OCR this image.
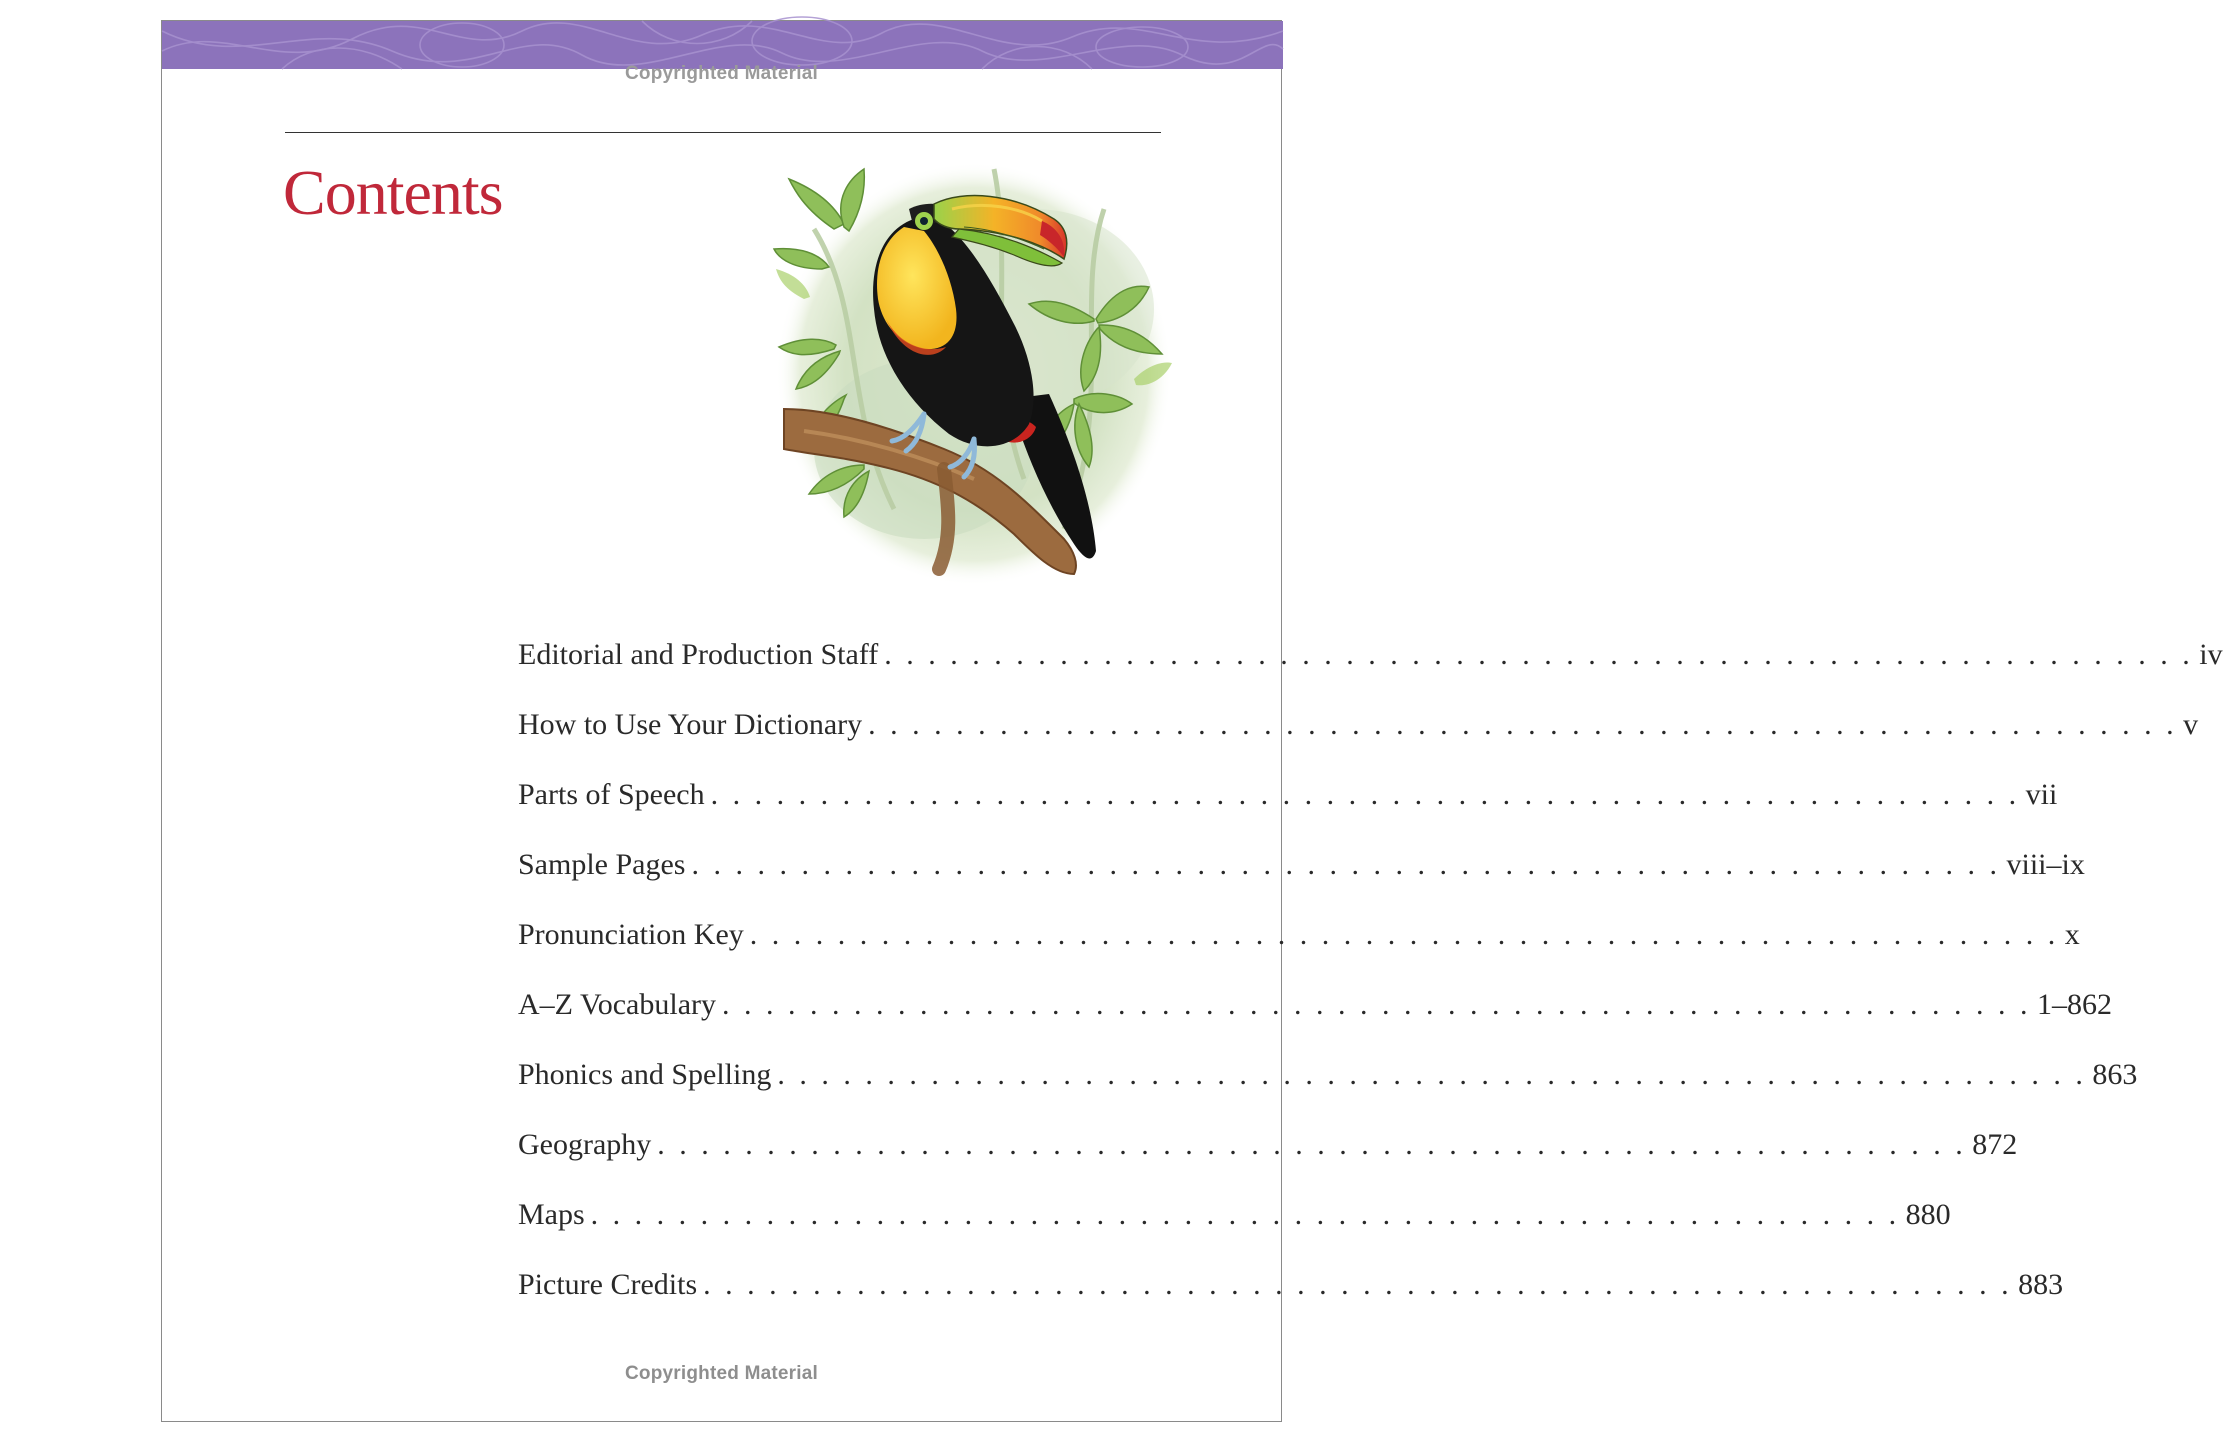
Copyrighted Material
Contents
Editorial and Production Staff . . . . . . . . . . . . . . . . . . . . . . . . . . . . . . . . . . . . . . . . . . . . . . . . . . . . . . . . . . . . iv
How to Use Your Dictionary . . . . . . . . . . . . . . . . . . . . . . . . . . . . . . . . . . . . . . . . . . . . . . . . . . . . . . . . . . . . v
Parts of Speech . . . . . . . . . . . . . . . . . . . . . . . . . . . . . . . . . . . . . . . . . . . . . . . . . . . . . . . . . . . . vii
Sample Pages . . . . . . . . . . . . . . . . . . . . . . . . . . . . . . . . . . . . . . . . . . . . . . . . . . . . . . . . . . . . viii–ix
Pronunciation Key . . . . . . . . . . . . . . . . . . . . . . . . . . . . . . . . . . . . . . . . . . . . . . . . . . . . . . . . . . . . x
A–Z Vocabulary . . . . . . . . . . . . . . . . . . . . . . . . . . . . . . . . . . . . . . . . . . . . . . . . . . . . . . . . . . . . 1–862
Phonics and Spelling . . . . . . . . . . . . . . . . . . . . . . . . . . . . . . . . . . . . . . . . . . . . . . . . . . . . . . . . . . . . 863
Geography . . . . . . . . . . . . . . . . . . . . . . . . . . . . . . . . . . . . . . . . . . . . . . . . . . . . . . . . . . . . 872
Maps . . . . . . . . . . . . . . . . . . . . . . . . . . . . . . . . . . . . . . . . . . . . . . . . . . . . . . . . . . . . 880
Picture Credits . . . . . . . . . . . . . . . . . . . . . . . . . . . . . . . . . . . . . . . . . . . . . . . . . . . . . . . . . . . . 883
Copyrighted Material
